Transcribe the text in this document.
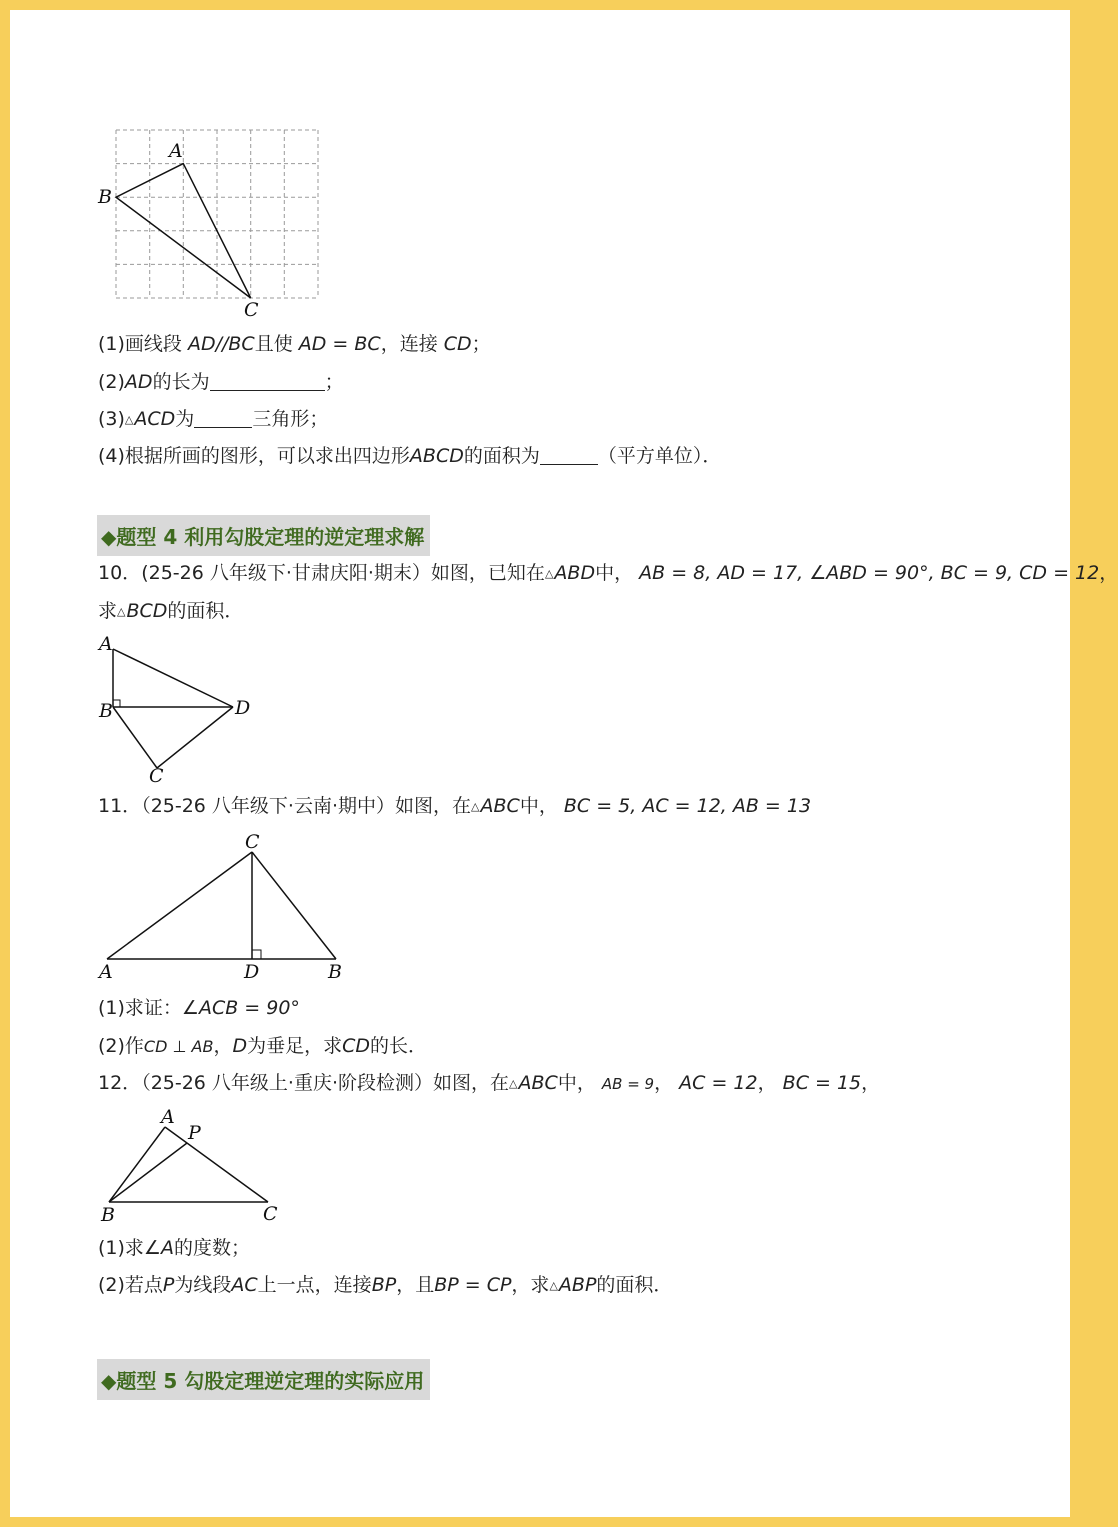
A
B
C
(1)画线段 AD//BC且使 AD = BC，连接 CD；
(2)AD的长为	；
(3)△ACD为	三角形；
(4)根据所画的图形，可以求出四边形ABCD的面积为	（平方单位）．
◆题型 4 利用勾股定理的逆定理求解
10．(25-26 八年级下·甘肃庆阳·期末）如图，已知在△ABD中， AB = 8, AD = 17, ∠ABD = 90°, BC = 9, CD = 12，
求△BCD的面积．
A
B	D
C
11．（25-26 八年级下·云南·期中）如图，在△ABC中， BC = 5, AC = 12, AB = 13
C
A	D	B
(1)求证：∠ACB = 90°
(2)作CD ⊥ AB，D为垂足，求CD的长．
12．（25-26 八年级上·重庆·阶段检测）如图，在△ABC中， AB = 9， AC = 12， BC = 15，
A
P
B	C
(1)求∠A的度数；
(2)若点P为线段AC上一点，连接BP，且BP = CP，求△ABP的面积．
◆题型 5 勾股定理逆定理的实际应用
